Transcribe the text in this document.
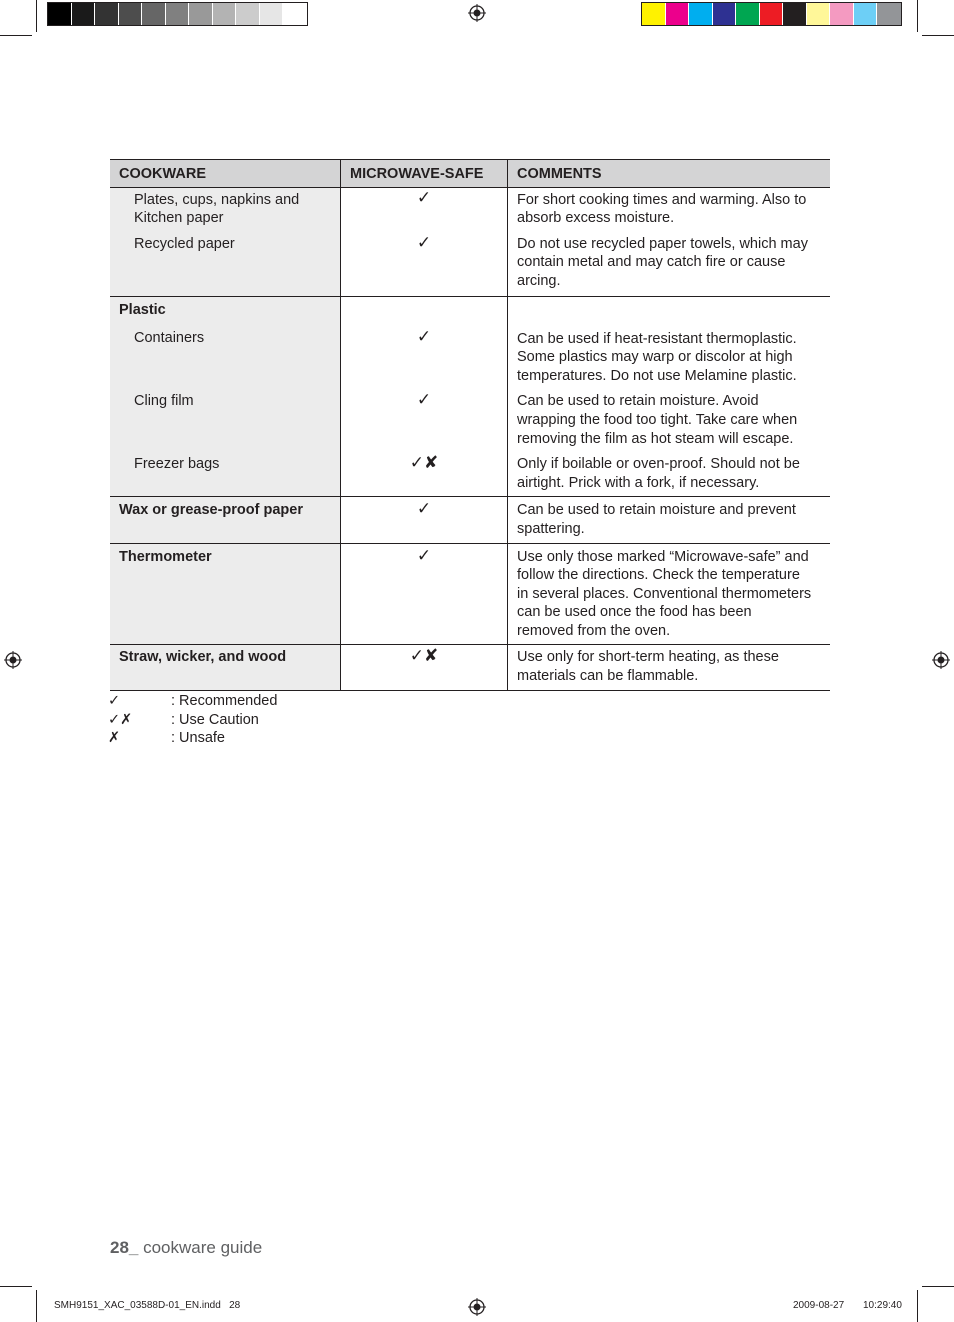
COOKWARE	MICROWAVE-SAFE	COMMENTS

Plates, cups, napkins and Kitchen paper	✓	For short cooking times and warming. Also to absorb excess moisture.

Recycled paper	✓	Do not use recycled paper towels, which may contain metal and may catch fire or cause arcing.

Plastic
Containers	✓	Can be used if heat-resistant thermoplastic. Some plastics may warp or discolor at high temperatures. Do not use Melamine plastic.

Cling film	✓	Can be used to retain moisture. Avoid wrapping the food too tight. Take care when removing the film as hot steam will escape.

Freezer bags	✓✘	Only if boilable or oven-proof. Should not be airtight. Prick with a fork, if necessary.

Wax or grease-proof paper	✓	Can be used to retain moisture and prevent spattering.

Thermometer	✓	Use only those marked “Microwave-safe” and follow the directions. Check the temperature in several places. Conventional thermometers can be used once the food has been removed from the oven.

Straw, wicker, and wood	✓✘	Use only for short-term heating, as these materials can be flammable.
✓	: Recommended
✓✗	: Use Caution
✗	: Unsafe
28_ cookware guide
SMH9151_XAC_03588D-01_EN.indd   28	2009-08-27 10:29:40
